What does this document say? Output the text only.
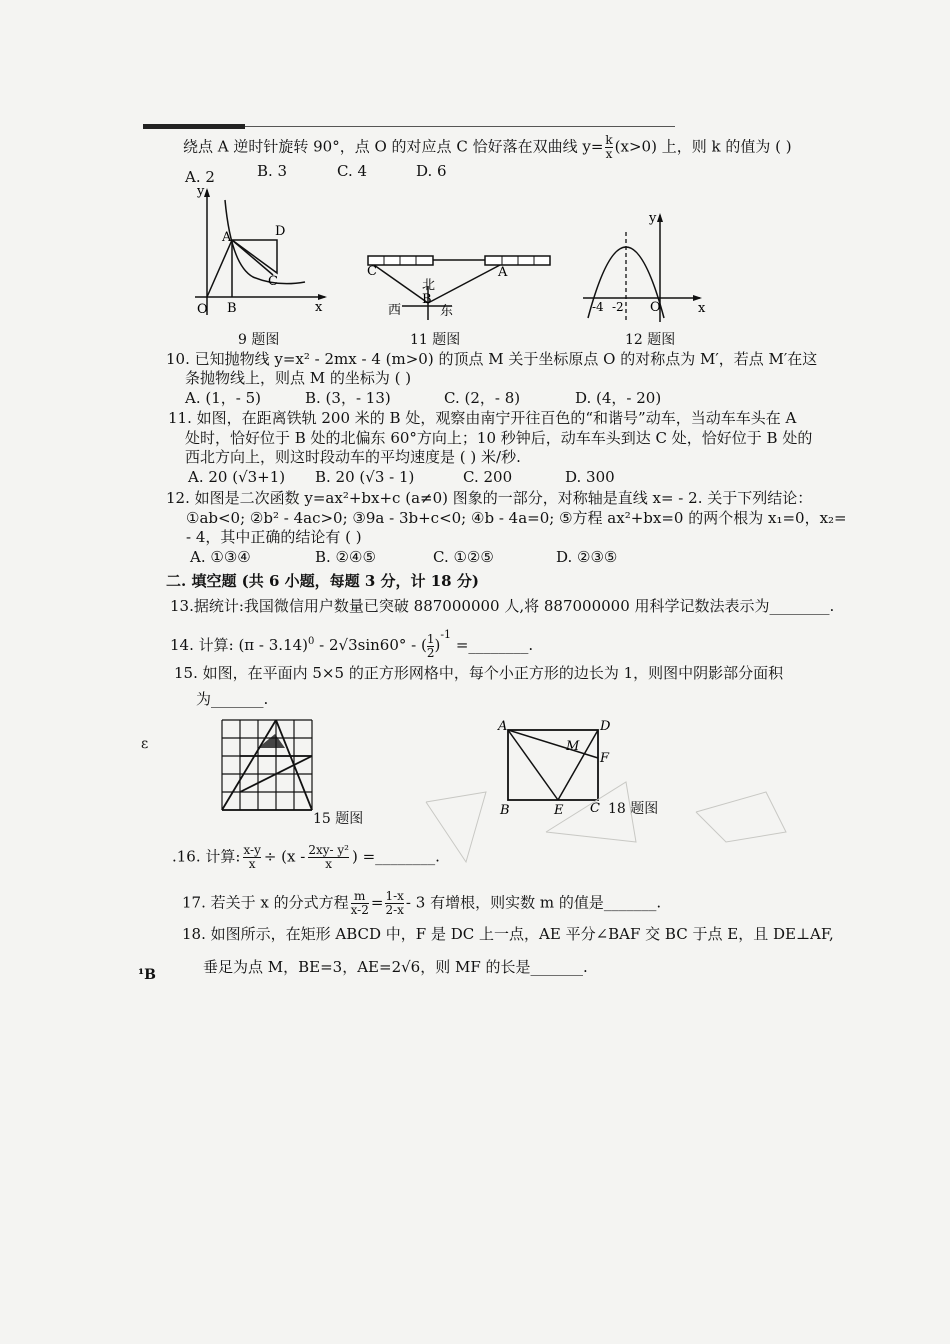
绕点 A 逆时针旋转 90°，点 O 的对应点 C 恰好落在双曲线 $y= \frac{k}{x} (x>0)$ 上，则 k 的值为 ( )
A. 2	B. 3	C. 4	D. 6
y
x
O
A
B
C
D
9 题图
C	A
北
B
西	东
11 题图
y
x
O
-4 -2
12 题图
10. 已知抛物线 y=x² - 2mx - 4 (m>0) 的顶点 M 关于坐标原点 O 的对称点为 M′，若点 M′在这
条抛物线上，则点 M 的坐标为 ( )
A. (1，- 5)	B. (3，- 13)	C. (2，- 8)	D. (4，- 20)
11. 如图，在距离铁轨 200 米的 B 处，观察由南宁开往百色的“和谐号”动车，当动车车头在 A
处时，恰好位于 B 处的北偏东 60°方向上；10 秒钟后，动车车头到达 C 处，恰好位于 B 处的
西北方向上，则这时段动车的平均速度是 ( ) 米/秒.
A. 20 (√3+1) B. 20 (√3 - 1)	C. 200	D. 300
12. 如图是二次函数 y=ax²+bx+c (a≠0) 图象的一部分，对称轴是直线 x= - 2. 关于下列结论：
①ab<0; ②b² - 4ac>0; ③9a - 3b+c<0; ④b - 4a=0; ⑤方程 ax²+bx=0 的两个根为 x₁=0，x₂=
- 4，其中正确的结论有 ( )
A. ①③④	B. ②④⑤	C. ①②⑤	D. ②③⑤
二. 填空题 (共 6 小题，每题 3 分，计 18 分)
13.据统计:我国微信用户数量已突破 887000000 人,将 887000000 用科学记数法表示为________.
14. 计算: (π - 3.14)$^0$ - 2√3sin60° - ( $\frac{1}{2} )^{-1}$ =________.
15. 如图，在平面内 5×5 的正方形网格中，每个小正方形的边长为 1，则图中阴影部分面积
为_______.
15 题图
A	D
M
F
B	E C 18 题图
.16. 计算: $\frac{x-y}{x} \div (x - \frac{\text{2xy- y²}}{x}$ ) =________.
17. 若关于 x 的分式方程 $\frac{m}{x-2} = \frac{1-x}{2-x} - 3$ 有增根，则实数 m 的值是_______.
18. 如图所示，在矩形 ABCD 中，F 是 DC 上一点，AE 平分∠BAF 交 BC 于点 E，且 DE⊥AF,
垂足为点 M，BE=3，AE=2√6，则 MF 的长是_______.
ε
¹B
